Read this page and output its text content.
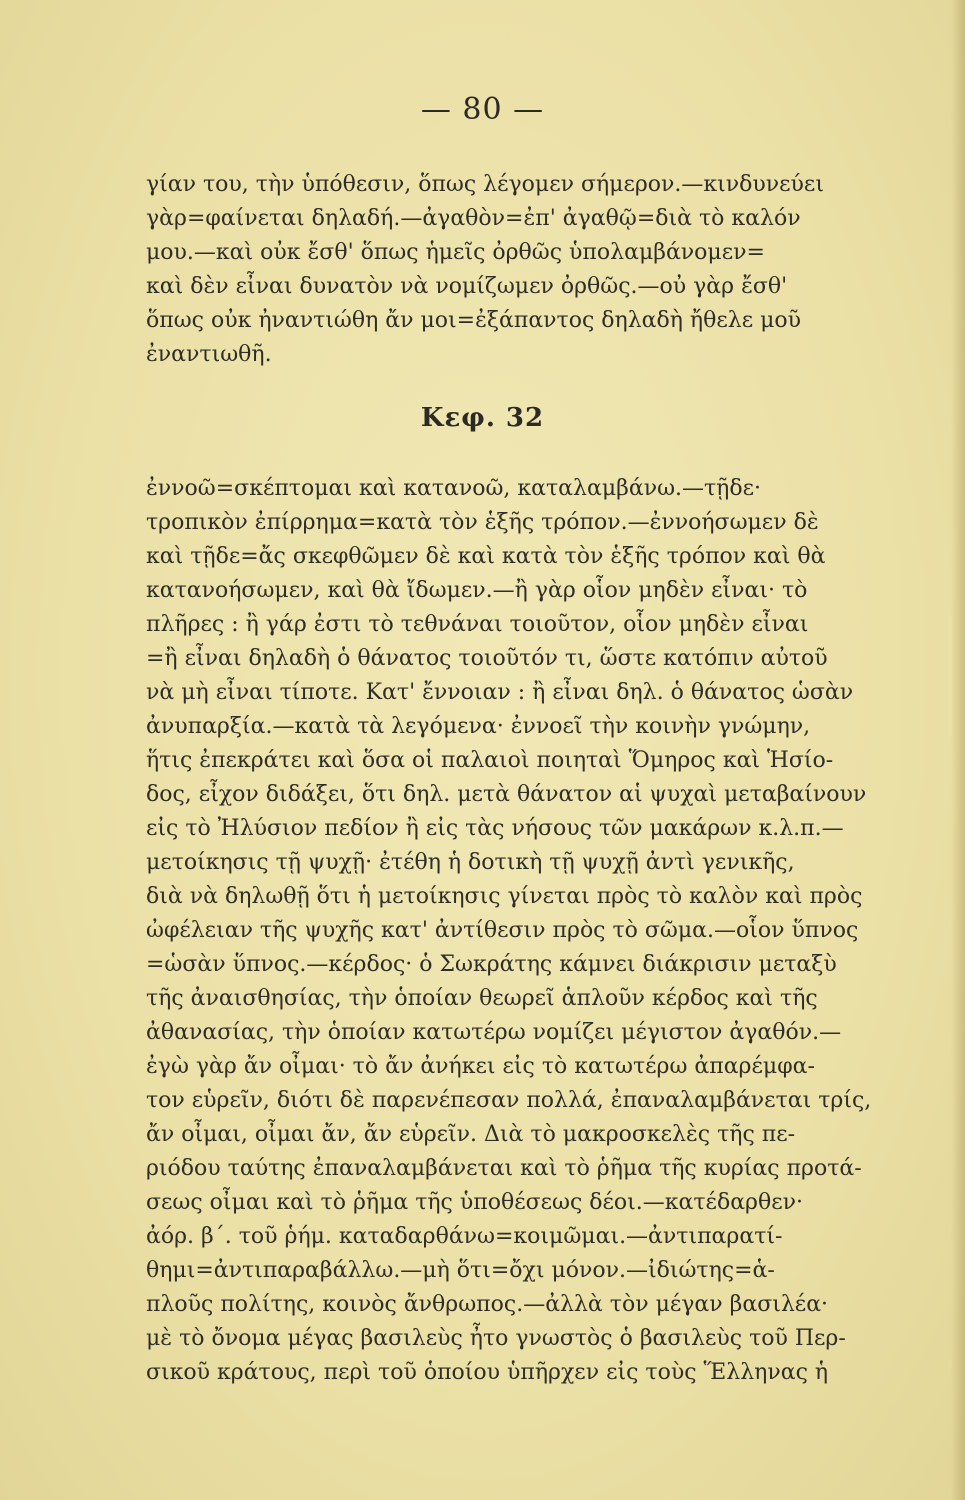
— 80 —
γίαν του, τὴν ὑπόθεσιν, ὅπως λέγομεν σήμερον.—κινδυνεύει
γὰρ=φαίνεται δηλαδή.—ἀγαθὸν=ἐπ' ἀγαθῷ=διὰ τὸ καλόν
μου.—καὶ οὐκ ἔσθ' ὅπως ἡμεῖς ὀρθῶς ὑπολαμβάνομεν=
καὶ δὲν εἶναι δυνατὸν νὰ νομίζωμεν ὀρθῶς.—οὐ γὰρ ἔσθ'
ὅπως οὐκ ἠναντιώθη ἄν μοι=ἐξάπαντος δηλαδὴ ἤθελε μοῦ
ἐναντιωθῆ.
Κεφ. 32
ἐννοῶ=σκέπτομαι καὶ κατανοῶ, καταλαμβάνω.—τῇδε·
τροπικὸν ἐπίρρημα=κατὰ τὸν ἑξῆς τρόπον.—ἐννοήσωμεν δὲ
καὶ τῇδε=ἄς σκεφθῶμεν δὲ καὶ κατὰ τὸν ἑξῆς τρόπον καὶ θὰ
κατανοήσωμεν, καὶ θὰ ἴδωμεν.—ἢ γὰρ οἷον μηδὲν εἶναι· τὸ
πλῆρες : ἢ γάρ ἐστι τὸ τεθνάναι τοιοῦτον, οἷον μηδὲν εἶναι
=ἢ εἶναι δηλαδὴ ὁ θάνατος τοιοῦτόν τι, ὥστε κατόπιν αὐτοῦ
νὰ μὴ εἶναι τίποτε. Κατ' ἔννοιαν : ἢ εἶναι δηλ. ὁ θάνατος ὡσὰν
ἀνυπαρξία.—κατὰ τὰ λεγόμενα· ἐννοεῖ τὴν κοινὴν γνώμην,
ἥτις ἐπεκράτει καὶ ὅσα οἱ παλαιοὶ ποιηταὶ Ὅμηρος καὶ Ἡσίο-
δος, εἶχον διδάξει, ὅτι δηλ. μετὰ θάνατον αἱ ψυχαὶ μεταβαίνουν
εἰς τὸ Ἠλύσιον πεδίον ἢ εἰς τὰς νήσους τῶν μακάρων κ.λ.π.—
μετοίκησις τῇ ψυχῇ· ἐτέθη ἡ δοτικὴ τῇ ψυχῇ ἀντὶ γενικῆς,
διὰ νὰ δηλωθῇ ὅτι ἡ μετοίκησις γίνεται πρὸς τὸ καλὸν καὶ πρὸς
ὠφέλειαν τῆς ψυχῆς κατ' ἀντίθεσιν πρὸς τὸ σῶμα.—οἷον ὕπνος
=ὡσὰν ὕπνος.—κέρδος· ὁ Σωκράτης κάμνει διάκρισιν μεταξὺ
τῆς ἀναισθησίας, τὴν ὁποίαν θεωρεῖ ἁπλοῦν κέρδος καὶ τῆς
ἀθανασίας, τὴν ὁποίαν κατωτέρω νομίζει μέγιστον ἀγαθόν.—
ἐγὼ γὰρ ἄν οἶμαι· τὸ ἄν ἀνήκει εἰς τὸ κατωτέρω ἀπαρέμφα-
τον εὑρεῖν, διότι δὲ παρενέπεσαν πολλά, ἐπαναλαμβάνεται τρίς,
ἄν οἶμαι, οἶμαι ἄν, ἄν εὑρεῖν. Διὰ τὸ μακροσκελὲς τῆς πε-
ριόδου ταύτης ἐπαναλαμβάνεται καὶ τὸ ῥῆμα τῆς κυρίας προτά-
σεως οἶμαι καὶ τὸ ῥῆμα τῆς ὑποθέσεως δέοι.—κατέδαρθεν·
ἀόρ. β΄. τοῦ ῥήμ. καταδαρθάνω=κοιμῶμαι.—ἀντιπαρατί-
θημι=ἀντιπαραβάλλω.—μὴ ὅτι=ὄχι μόνον.—ἰδιώτης=ἁ-
πλοῦς πολίτης, κοινὸς ἄνθρωπος.—ἀλλὰ τὸν μέγαν βασιλέα·
μὲ τὸ ὄνομα μέγας βασιλεὺς ἦτο γνωστὸς ὁ βασιλεὺς τοῦ Περ-
σικοῦ κράτους, περὶ τοῦ ὁποίου ὑπῆρχεν εἰς τοὺς Ἕλληνας ἡ
